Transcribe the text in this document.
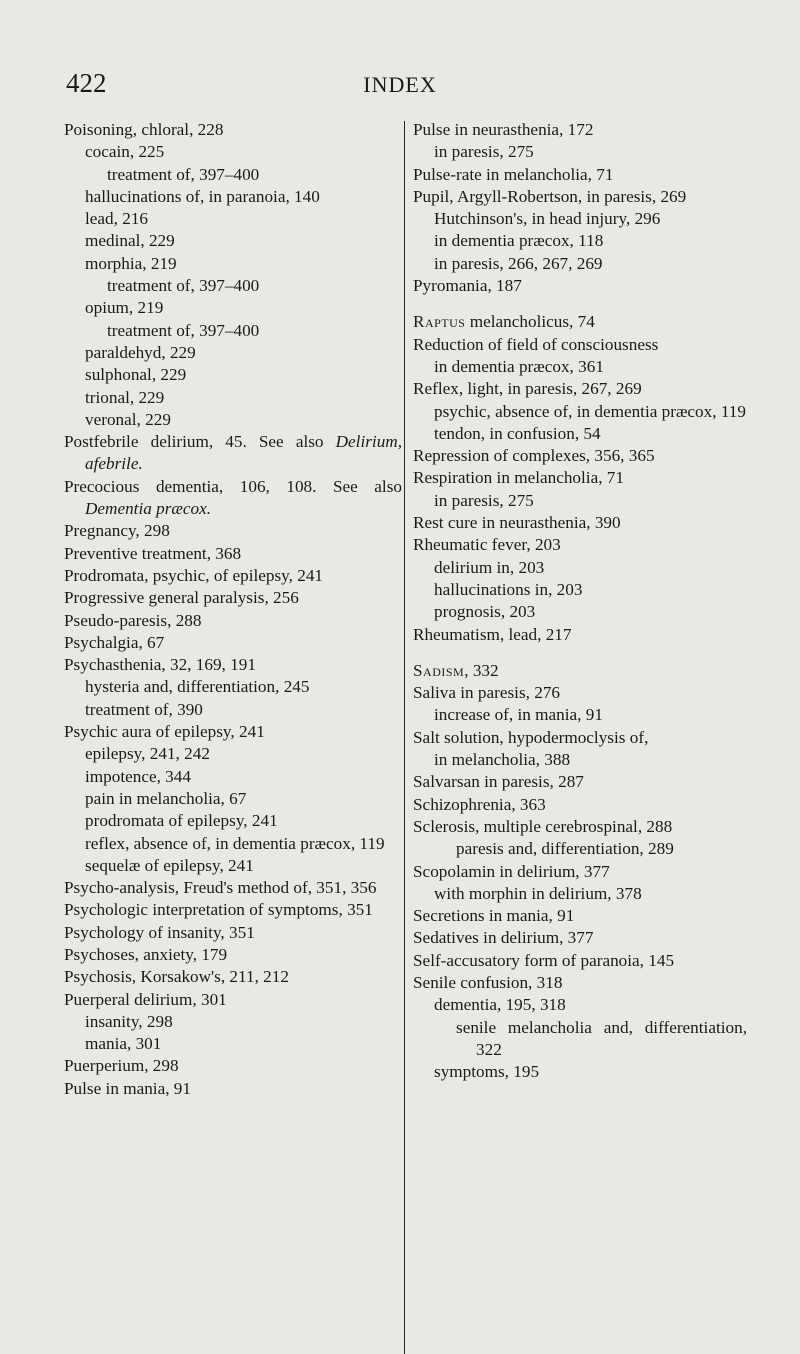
422	INDEX
Poisoning, chloral, 228
cocain, 225
treatment of, 397–400
hallucinations of, in paranoia, 140
lead, 216
medinal, 229
morphia, 219
treatment of, 397–400
opium, 219
treatment of, 397–400
paraldehyd, 229
sulphonal, 229
trional, 229
veronal, 229
Postfebrile delirium, 45. See also Delirium, afebrile.
Precocious dementia, 106, 108. See also Dementia præcox.
Pregnancy, 298
Preventive treatment, 368
Prodromata, psychic, of epilepsy, 241
Progressive general paralysis, 256
Pseudo-paresis, 288
Psychalgia, 67
Psychasthenia, 32, 169, 191
hysteria and, differentiation, 245
treatment of, 390
Psychic aura of epilepsy, 241
epilepsy, 241, 242
impotence, 344
pain in melancholia, 67
prodromata of epilepsy, 241
reflex, absence of, in dementia præcox, 119
sequelæ of epilepsy, 241
Psycho-analysis, Freud's method of, 351, 356
Psychologic interpretation of symptoms, 351
Psychology of insanity, 351
Psychoses, anxiety, 179
Psychosis, Korsakow's, 211, 212
Puerperal delirium, 301
insanity, 298
mania, 301
Puerperium, 298
Pulse in mania, 91
Pulse in neurasthenia, 172
in paresis, 275
Pulse-rate in melancholia, 71
Pupil, Argyll-Robertson, in paresis, 269
Hutchinson's, in head injury, 296
in dementia præcox, 118
in paresis, 266, 267, 269
Pyromania, 187
Raptus melancholicus, 74
Reduction of field of consciousness
in dementia præcox, 361
Reflex, light, in paresis, 267, 269
psychic, absence of, in dementia præcox, 119
tendon, in confusion, 54
Repression of complexes, 356, 365
Respiration in melancholia, 71
in paresis, 275
Rest cure in neurasthenia, 390
Rheumatic fever, 203
delirium in, 203
hallucinations in, 203
prognosis, 203
Rheumatism, lead, 217
Sadism, 332
Saliva in paresis, 276
increase of, in mania, 91
Salt solution, hypodermoclysis of,
in melancholia, 388
Salvarsan in paresis, 287
Schizophrenia, 363
Sclerosis, multiple cerebrospinal, 288
paresis and, differentiation, 289
Scopolamin in delirium, 377
with morphin in delirium, 378
Secretions in mania, 91
Sedatives in delirium, 377
Self-accusatory form of paranoia, 145
Senile confusion, 318
dementia, 195, 318
senile melancholia and, differentiation, 322
symptoms, 195
